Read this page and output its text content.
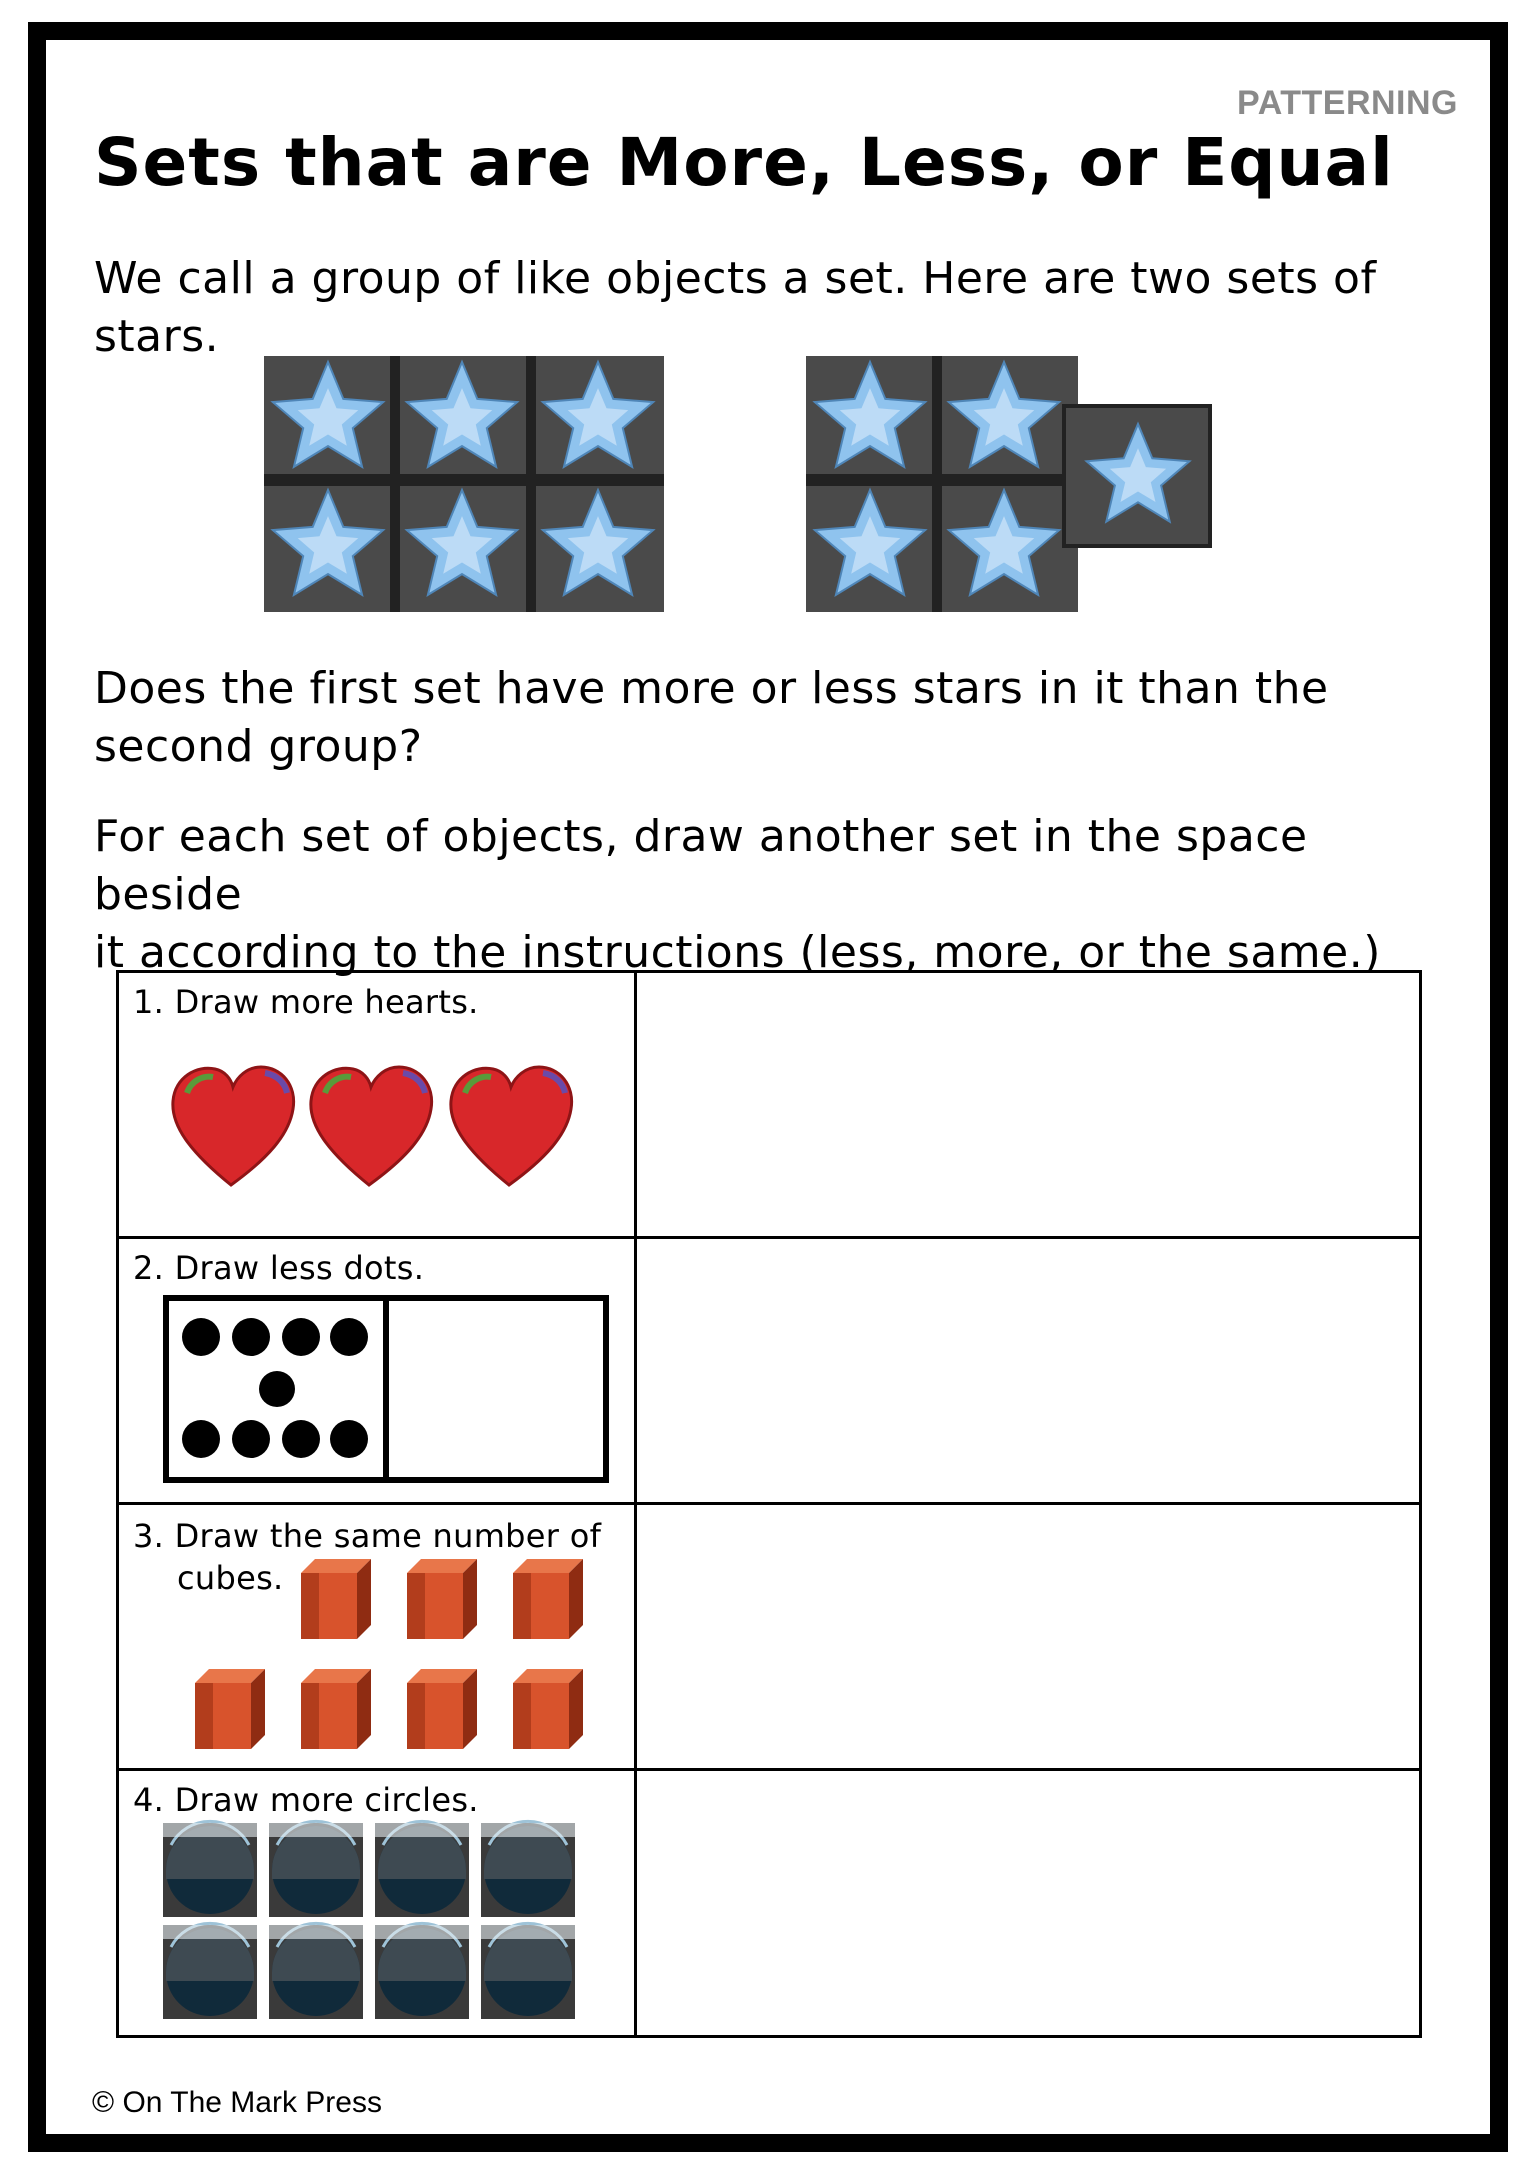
PATTERNING
Sets that are More, Less, or Equal
We call a group of like objects a set. Here are two sets of
stars.
Does the first set have more or less stars in it than the
second group?
For each set of objects, draw another set in the space beside
it according to the instructions (less, more, or the same.)
1. Draw more hearts.
2. Draw less dots.
3. Draw the same number of
cubes.
4. Draw more circles.
© On The Mark Press
